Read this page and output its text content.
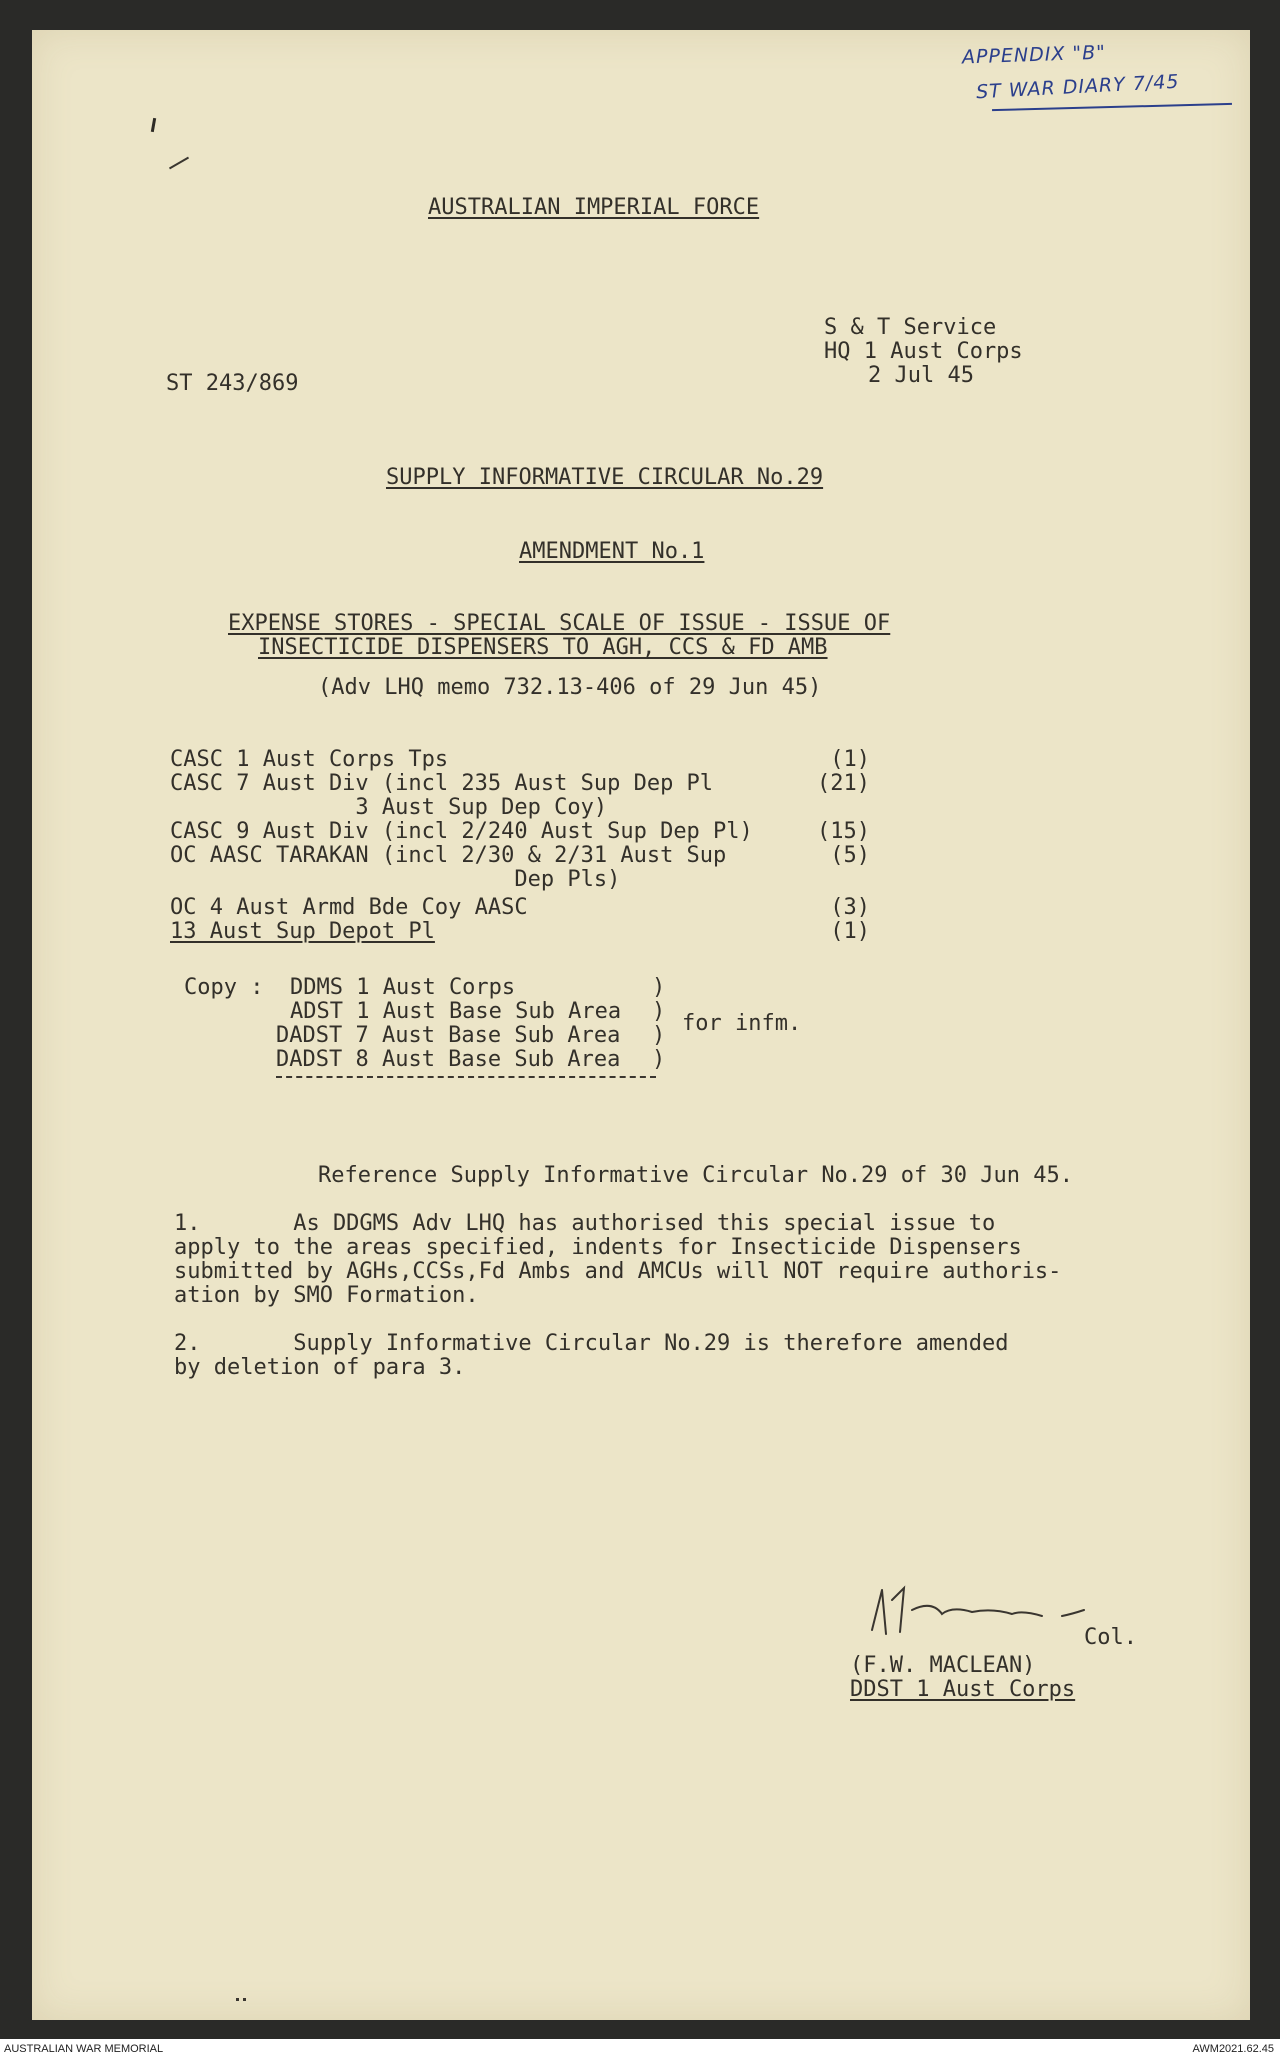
APPENDIX "B"
ST WAR DIARY 7/45
AUSTRALIAN IMPERIAL FORCE
S & T Service
HQ 1 Aust Corps
2 Jul 45
ST 243/869
SUPPLY INFORMATIVE CIRCULAR No.29
AMENDMENT No.1
EXPENSE STORES - SPECIAL SCALE OF ISSUE - ISSUE OF
INSECTICIDE DISPENSERS TO AGH, CCS & FD AMB
(Adv LHQ memo 732.13-406 of 29 Jun 45)
CASC 1 Aust Corps Tps	(1)
CASC 7 Aust Div (incl 235 Aust Sup Dep Pl	(21)
3 Aust Sup Dep Coy)
CASC 9 Aust Div (incl 2/240 Aust Sup Dep Pl)	(15)
OC AASC TARAKAN (incl 2/30 & 2/31 Aust Sup	(5)
Dep Pls)
OC 4 Aust Armd Bde Coy AASC	(3)
13 Aust Sup Depot Pl	(1)
Copy : DDMS 1 Aust Corps
ADST 1 Aust Base Sub Area
DADST 7 Aust Base Sub Area
DADST 8 Aust Base Sub Area
)
)
)
)
for infm.
Reference Supply Informative Circular No.29 of 30 Jun 45.
1.       As DDGMS Adv LHQ has authorised this special issue to
apply to the areas specified, indents for Insecticide Dispensers
submitted by AGHs,CCSs,Fd Ambs and AMCUs will NOT require authoris-
ation by SMO Formation.
2.       Supply Informative Circular No.29 is therefore amended
by deletion of para 3.
Col.
(F.W. MACLEAN)
DDST 1 Aust Corps
AUSTRALIAN WAR MEMORIAL	AWM2021.62.45
